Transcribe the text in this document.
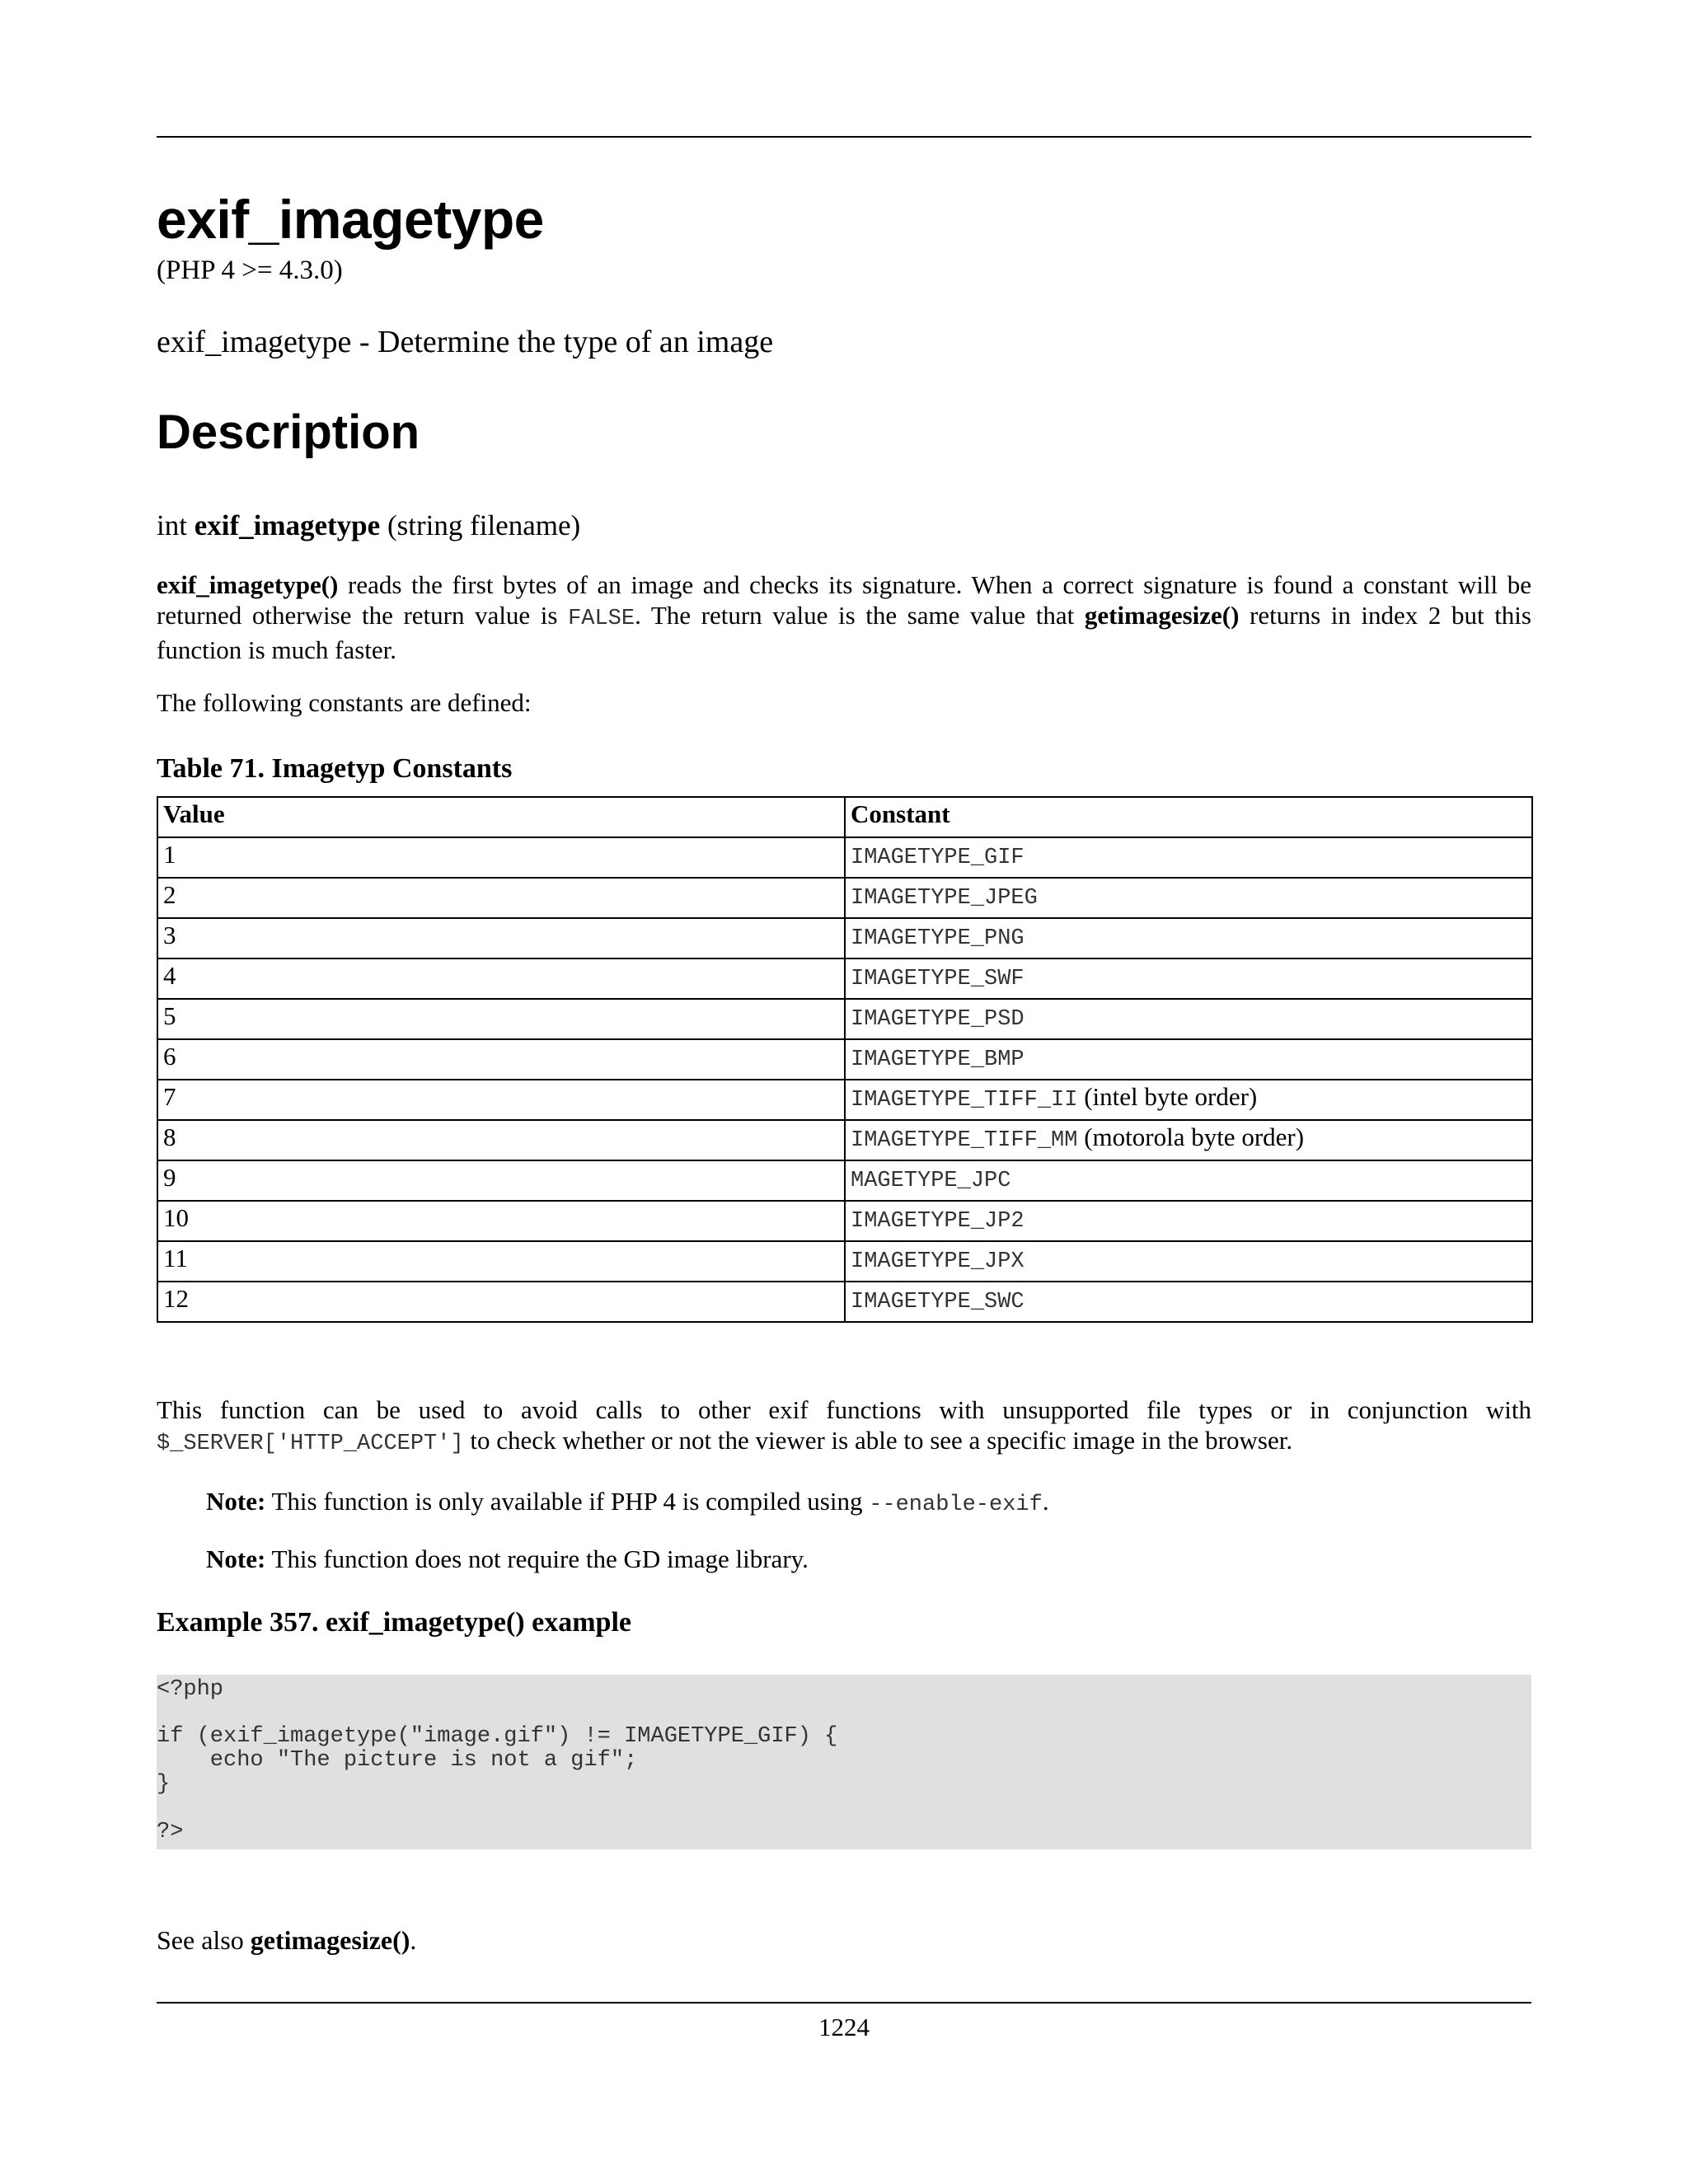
exif_imagetype
(PHP 4 >= 4.3.0)
exif_imagetype - Determine the type of an image
Description
int exif_imagetype (string filename)
exif_imagetype() reads the first bytes of an image and checks its signature. When a correct signature is found a constant will be returned otherwise the return value is FALSE. The return value is the same value that getimagesize() returns in index 2 but this function is much faster.
The following constants are defined:
Table 71. Imagetyp Constants
Value	Constant
1	IMAGETYPE_GIF
2	IMAGETYPE_JPEG
3	IMAGETYPE_PNG
4	IMAGETYPE_SWF
5	IMAGETYPE_PSD
6	IMAGETYPE_BMP
7	IMAGETYPE_TIFF_II (intel byte order)
8	IMAGETYPE_TIFF_MM (motorola byte order)
9	MAGETYPE_JPC
10	IMAGETYPE_JP2
11	IMAGETYPE_JPX
12	IMAGETYPE_SWC
This function can be used to avoid calls to other exif functions with unsupported file types or in conjunction with $_SERVER['HTTP_ACCEPT'] to check whether or not the viewer is able to see a specific image in the browser.
Note: This function is only available if PHP 4 is compiled using --enable-exif.
Note: This function does not require the GD image library.
Example 357. exif_imagetype() example
<?php
if (exif_imagetype("image.gif") != IMAGETYPE_GIF) {
echo "The picture is not a gif";
}
?>
See also getimagesize().
1224
